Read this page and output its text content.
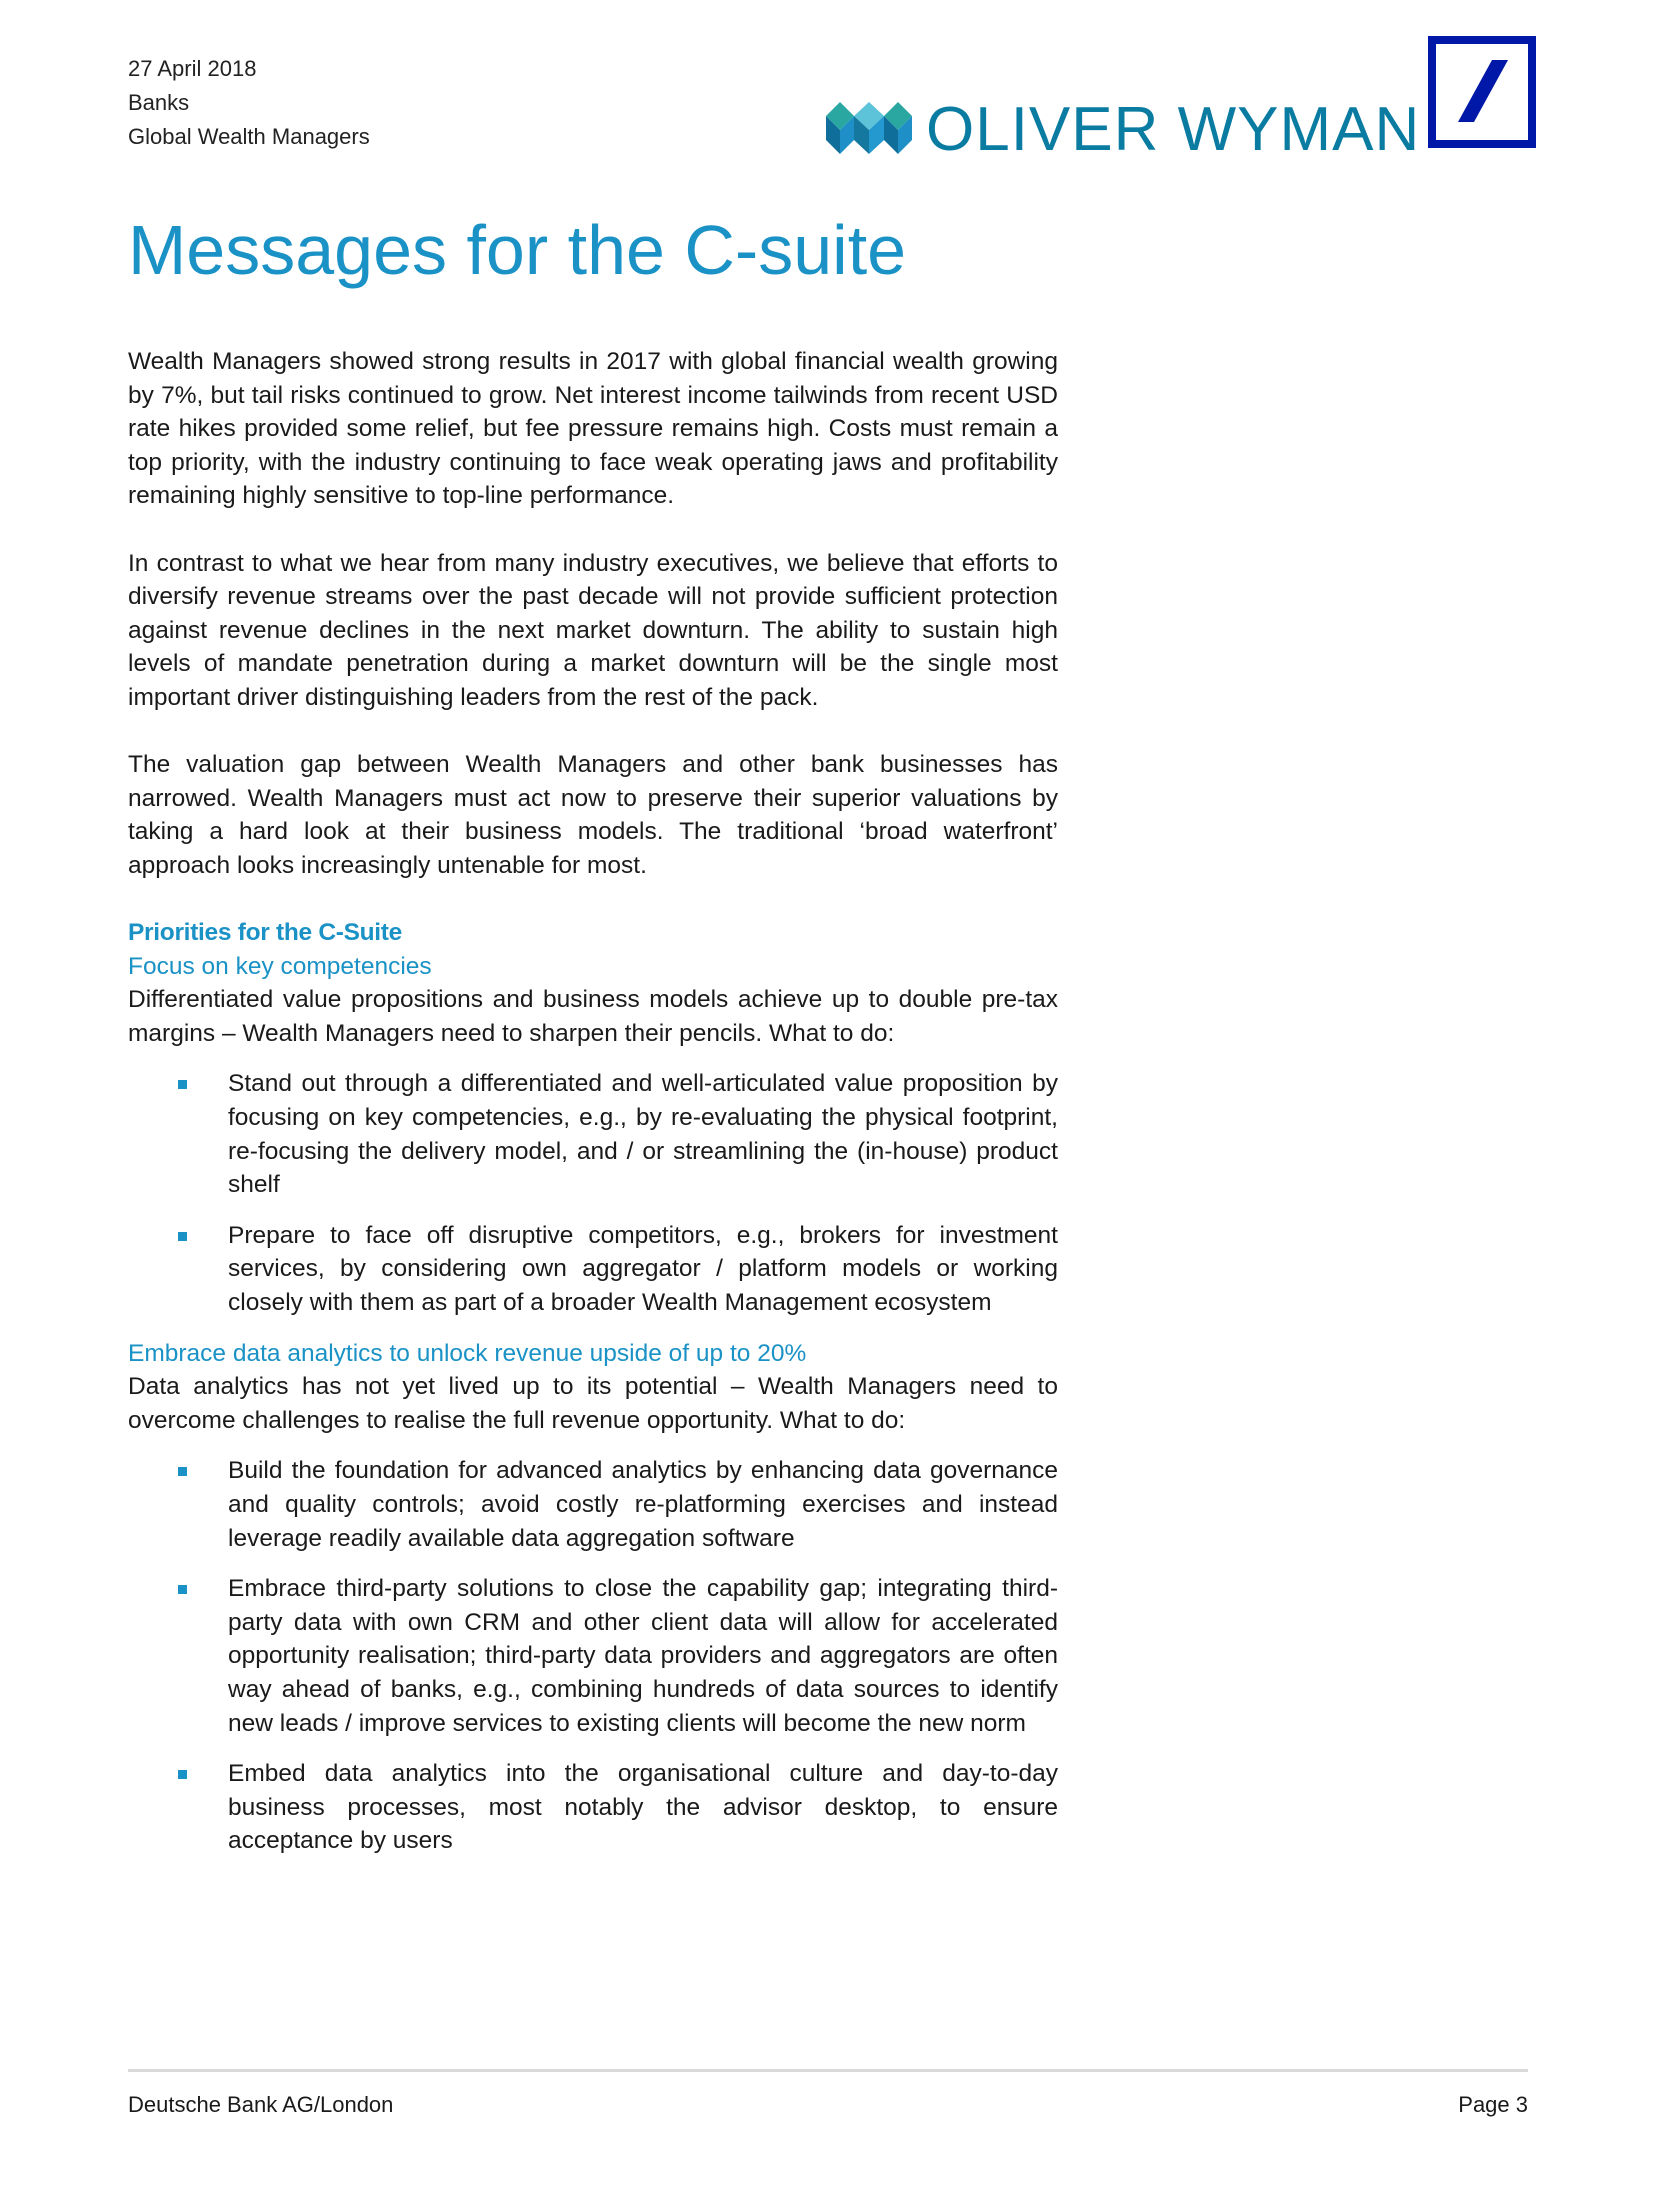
27 April 2018
Banks
Global Wealth Managers	OLIVER WYMAN
Messages for the C-suite

Wealth Managers showed strong results in 2017 with global financial wealth growing by 7%, but tail risks continued to grow. Net interest income tailwinds from recent USD rate hikes provided some relief, but fee pressure remains high. Costs must remain a top priority, with the industry continuing to face weak operating jaws and profitability remaining highly sensitive to top-line performance.

In contrast to what we hear from many industry executives, we believe that efforts to diversify revenue streams over the past decade will not provide sufficient protection against revenue declines in the next market downturn. The ability to sustain high levels of mandate penetration during a market downturn will be the single most important driver distinguishing leaders from the rest of the pack.

The valuation gap between Wealth Managers and other bank businesses has narrowed. Wealth Managers must act now to preserve their superior valuations by taking a hard look at their business models. The traditional ‘broad waterfront’ approach looks increasingly untenable for most.

Priorities for the C-Suite
Focus on key competencies

Differentiated value propositions and business models achieve up to double pre-tax margins – Wealth Managers need to sharpen their pencils. What to do:

Stand out through a differentiated and well-articulated value proposition by focusing on key competencies, e.g., by re-evaluating the physical footprint, re-focusing the delivery model, and / or streamlining the (in-house) product shelf
Prepare to face off disruptive competitors, e.g., brokers for investment services, by considering own aggregator / platform models or working closely with them as part of a broader Wealth Management ecosystem
Embrace data analytics to unlock revenue upside of up to 20%

Data analytics has not yet lived up to its potential – Wealth Managers need to overcome challenges to realise the full revenue opportunity. What to do:

Build the foundation for advanced analytics by enhancing data governance and quality controls; avoid costly re-platforming exercises and instead leverage readily available data aggregation software
Embrace third-party solutions to close the capability gap; integrating third-party data with own CRM and other client data will allow for accelerated opportunity realisation; third-party data providers and aggregators are often way ahead of banks, e.g., combining hundreds of data sources to identify new leads / improve services to existing clients will become the new norm
Embed data analytics into the organisational culture and day-to-day business processes, most notably the advisor desktop, to ensure acceptance by users
Deutsche Bank AG/London	Page 3
